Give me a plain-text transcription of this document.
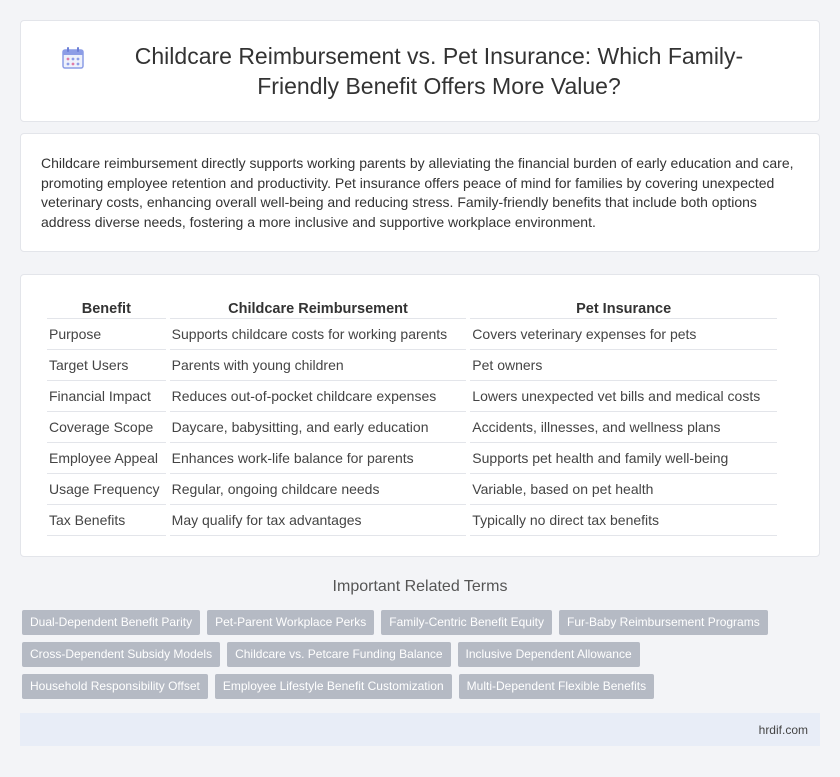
Childcare Reimbursement vs. Pet Insurance: Which Family-Friendly Benefit Offers More Value?

Childcare reimbursement directly supports working parents by alleviating the financial burden of early education and care, promoting employee retention and productivity. Pet insurance offers peace of mind for families by covering unexpected veterinary costs, enhancing overall well-being and reducing stress. Family-friendly benefits that include both options address diverse needs, fostering a more inclusive and supportive workplace environment.

Benefit	Childcare Reimbursement	Pet Insurance
Purpose	Supports childcare costs for working parents	Covers veterinary expenses for pets
Target Users	Parents with young children	Pet owners
Financial Impact	Reduces out-of-pocket childcare expenses	Lowers unexpected vet bills and medical costs
Coverage Scope	Daycare, babysitting, and early education	Accidents, illnesses, and wellness plans
Employee Appeal	Enhances work-life balance for parents	Supports pet health and family well-being
Usage Frequency	Regular, ongoing childcare needs	Variable, based on pet health
Tax Benefits	May qualify for tax advantages	Typically no direct tax benefits
Important Related Terms
Dual-Dependent Benefit Parity	Pet-Parent Workplace Perks	Family-Centric Benefit Equity	Fur-Baby Reimbursement Programs
Cross-Dependent Subsidy Models	Childcare vs. Petcare Funding Balance	Inclusive Dependent Allowance
Household Responsibility Offset	Employee Lifestyle Benefit Customization	Multi-Dependent Flexible Benefits
hrdif.com
